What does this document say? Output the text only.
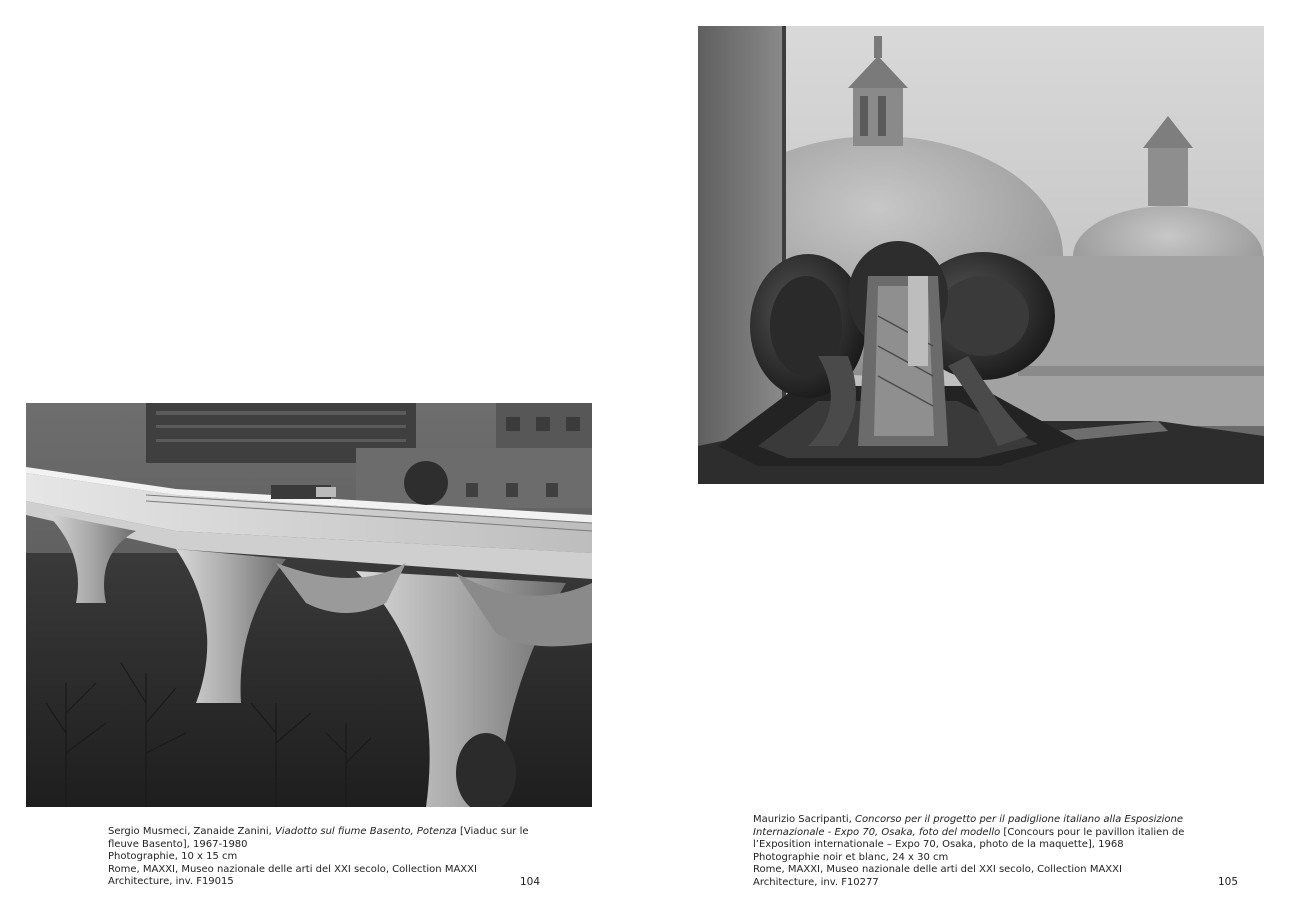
Sergio Musmeci, Zanaide Zanini, Viadotto sul fiume Basento, Potenza [Viaduc sur le
fleuve Basento], 1967-1980
Photographie, 10 x 15 cm
Rome, MAXXI, Museo nazionale delle arti del XXI secolo, Collection MAXXI
Architecture, inv. F19015	104
Maurizio Sacripanti, Concorso per il progetto per il padiglione italiano alla Esposizione
Internazionale - Expo 70, Osaka, foto del modello [Concours pour le pavillon italien de
l’Exposition internationale – Expo 70, Osaka, photo de la maquette], 1968
Photographie noir et blanc, 24 x 30 cm
Rome, MAXXI, Museo nazionale delle arti del XXI secolo, Collection MAXXI
Architecture, inv. F10277	105
